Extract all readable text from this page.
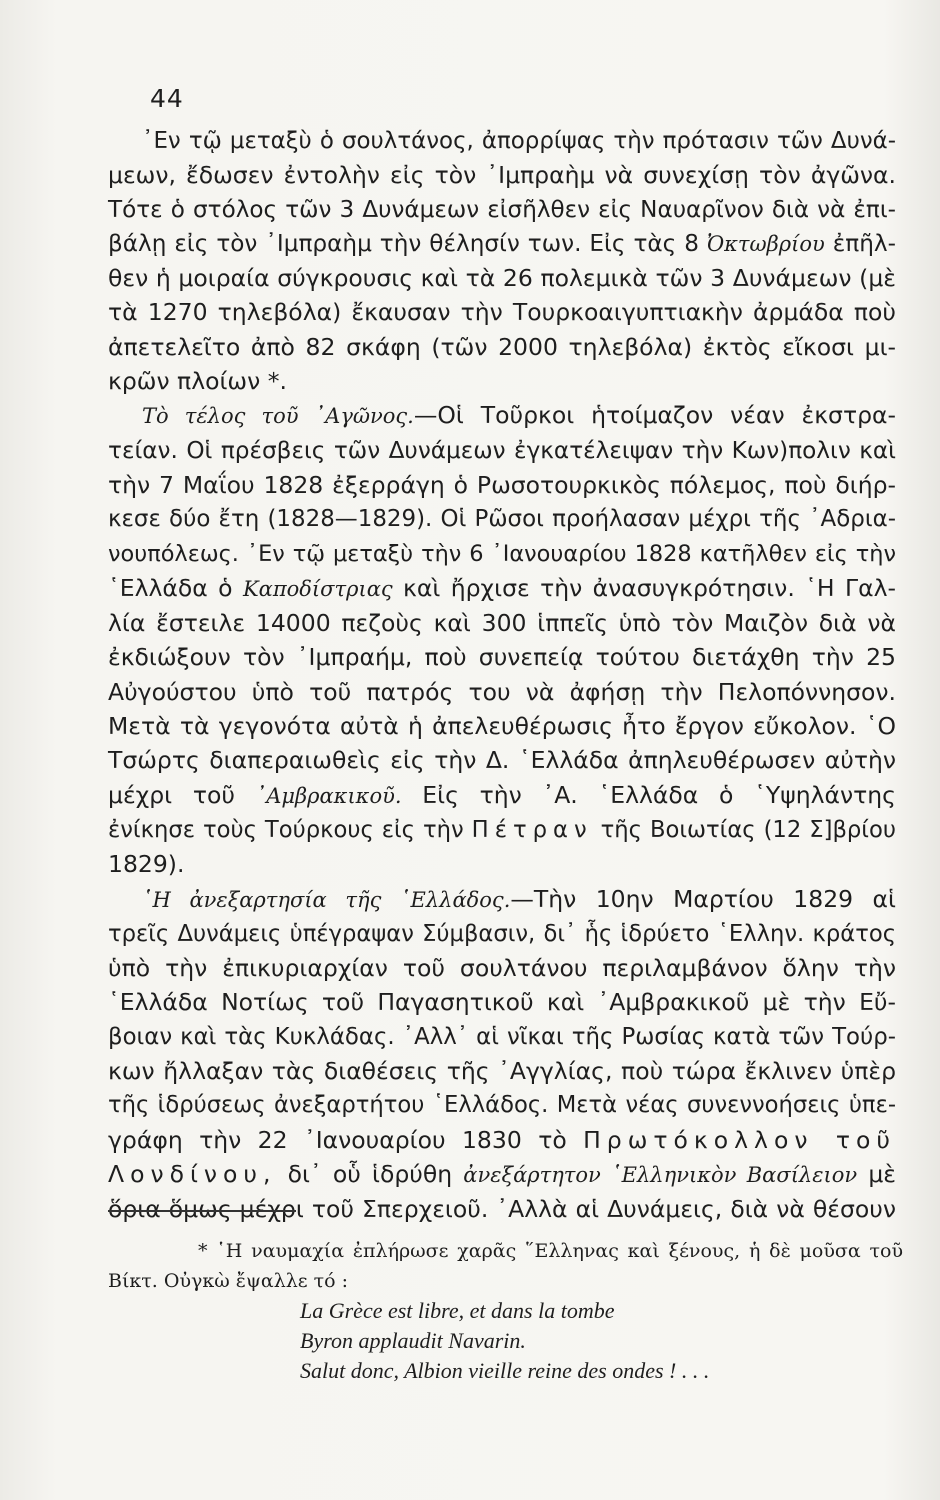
44

᾿Εν τῷ μεταξὺ ὁ σουλτάνος, ἀπορρίψας τὴν πρότασιν τῶν Δυνά-
μεων, ἔδωσεν ἐντολὴν εἰς τὸν ᾿Ιμπραὴμ νὰ συνεχίσῃ τὸν ἀγῶνα.
Τότε ὁ στόλος τῶν 3 Δυνάμεων εἰσῆλθεν εἰς Ναυαρῖνον διὰ νὰ ἐπι-
βάλῃ εἰς τὸν ᾿Ιμπραὴμ τὴν θέλησίν των. Εἰς τὰς 8 Ὀκτωβρίου ἐπῆλ-
θεν ἡ μοιραία σύγκρουσις καὶ τὰ 26 πολεμικὰ τῶν 3 Δυνάμεων (μὲ
τὰ 1270 τηλεβόλα) ἔκαυσαν τὴν Τουρκοαιγυπτιακὴν ἀρμάδα ποὺ
ἀπετελεῖτο ἀπὸ 82 σκάφη (τῶν 2000 τηλεβόλα) ἐκτὸς εἴκοσι μι-
κρῶν πλοίων *.

Τὸ τέλος τοῦ ᾿Αγῶνος.—Οἱ Τοῦρκοι ἡτοίμαζον νέαν ἐκστρα-
τείαν. Οἱ πρέσβεις τῶν Δυνάμεων ἐγκατέλειψαν τὴν Κων)πολιν καὶ
τὴν 7 Μαΐου 1828 ἐξερράγη ὁ Ρωσοτουρκικὸς πόλεμος, ποὺ διήρ-
κεσε δύο ἔτη (1828—1829). Οἱ Ρῶσοι προήλασαν μέχρι τῆς ᾿Αδρια-
νουπόλεως. ᾿Εν τῷ μεταξὺ τὴν 6 ᾿Ιανουαρίου 1828 κατῆλθεν εἰς τὴν
῾Ελλάδα ὁ Καποδίστριας καὶ ἤρχισε τὴν ἀνασυγκρότησιν. ῾Η Γαλ-
λία ἔστειλε 14000 πεζοὺς καὶ 300 ἱππεῖς ὑπὸ τὸν Μαιζὸν διὰ νὰ
ἐκδιώξουν τὸν ᾿Ιμπραήμ, ποὺ συνεπείᾳ τούτου διετάχθη τὴν 25
Αὐγούστου ὑπὸ τοῦ πατρός του νὰ ἀφήσῃ τὴν Πελοπόννησον.
Μετὰ τὰ γεγονότα αὐτὰ ἡ ἀπελευθέρωσις ἦτο ἔργον εὔκολον. ῾Ο
Τσώρτς διαπεραιωθεὶς εἰς τὴν Δ. ῾Ελλάδα ἀπηλευθέρωσεν αὐτὴν
μέχρι τοῦ ᾿Αμβρακικοῦ. Εἰς τὴν ᾿Α. ῾Ελλάδα ὁ ῾Υψηλάντης
ἐνίκησε τοὺς Τούρκους εἰς τὴν Πέτραν τῆς Βοιωτίας (12 Σ]βρίου
1829).

῾Η ἀνεξαρτησία τῆς ῾Ελλάδος.—Τὴν 10ην Μαρτίου 1829 αἱ
τρεῖς Δυνάμεις ὑπέγραψαν Σύμβασιν, δι᾿ ἧς ἱδρύετο ῾Ελλην. κράτος
ὑπὸ τὴν ἐπικυριαρχίαν τοῦ σουλτάνου περιλαμβάνον ὅλην τὴν
῾Ελλάδα Νοτίως τοῦ Παγασητικοῦ καὶ ᾿Αμβρακικοῦ μὲ τὴν Εὔ-
βοιαν καὶ τὰς Κυκλάδας. ᾿Αλλ᾿ αἱ νῖκαι τῆς Ρωσίας κατὰ τῶν Τούρ-
κων ἤλλαξαν τὰς διαθέσεις τῆς ᾿Αγγλίας, ποὺ τώρα ἔκλινεν ὑπὲρ
τῆς ἱδρύσεως ἀνεξαρτήτου ῾Ελλάδος. Μετὰ νέας συνεννοήσεις ὑπε-
γράφη τὴν 22 ᾿Ιανουαρίου 1830 τὸ Πρωτόκολλον τοῦ
Λονδίνου, δι᾿ οὗ ἱδρύθη ἀνεξάρτητον ῾Ελληνικὸν Βασίλειον μὲ
ὅρια ὅμως μέχρι τοῦ Σπερχειοῦ. ᾿Αλλὰ αἱ Δυνάμεις, διὰ νὰ θέσουν

* ῾Η ναυμαχία ἐπλήρωσε χαρᾶς ῞Ελληνας καὶ ξένους, ἡ δὲ μοῦσα τοῦ
Βίκτ. Οὐγκὼ ἔψαλλε τό :
La Grèce est libre, et dans la tombe
Byron applaudit Navarin.
Salut donc, Albion vieille reine des ondes ! . . .
